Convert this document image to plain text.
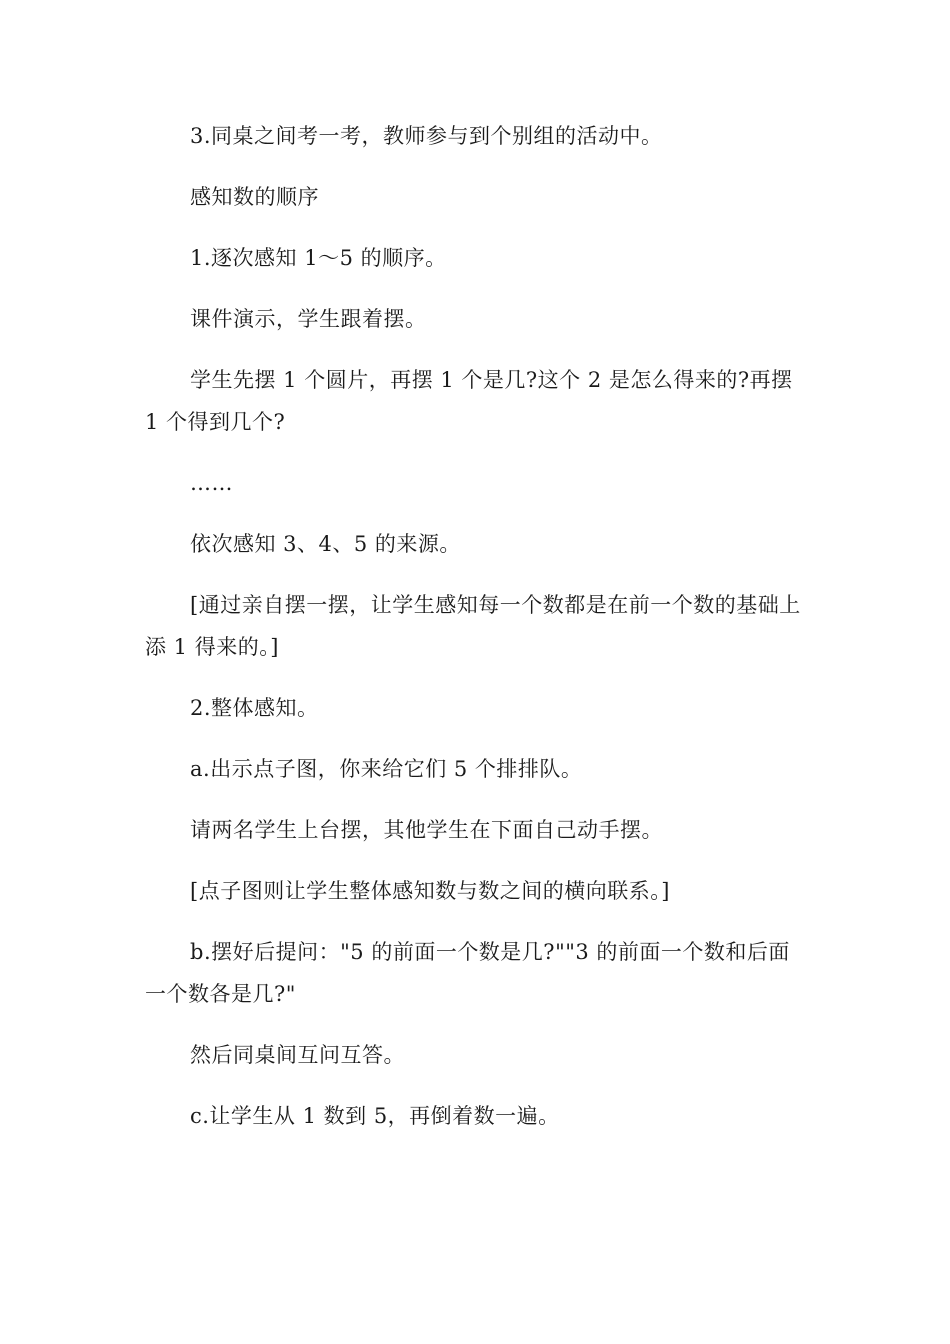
3.同桌之间考一考，教师参与到个别组的活动中。

感知数的顺序

1.逐次感知 1～5 的顺序。

课件演示，学生跟着摆。

学生先摆 1 个圆片，再摆 1 个是几?这个 2 是怎么得来的?再摆 1 个得到几个?

……

依次感知 3、4、5 的来源。

[通过亲自摆一摆，让学生感知每一个数都是在前一个数的基础上添 1 得来的。]

2.整体感知。

a.出示点子图，你来给它们 5 个排排队。

请两名学生上台摆，其他学生在下面自己动手摆。

[点子图则让学生整体感知数与数之间的横向联系。]

b.摆好后提问："5 的前面一个数是几?""3 的前面一个数和后面一个数各是几?"

然后同桌间互问互答。

c.让学生从 1 数到 5，再倒着数一遍。
